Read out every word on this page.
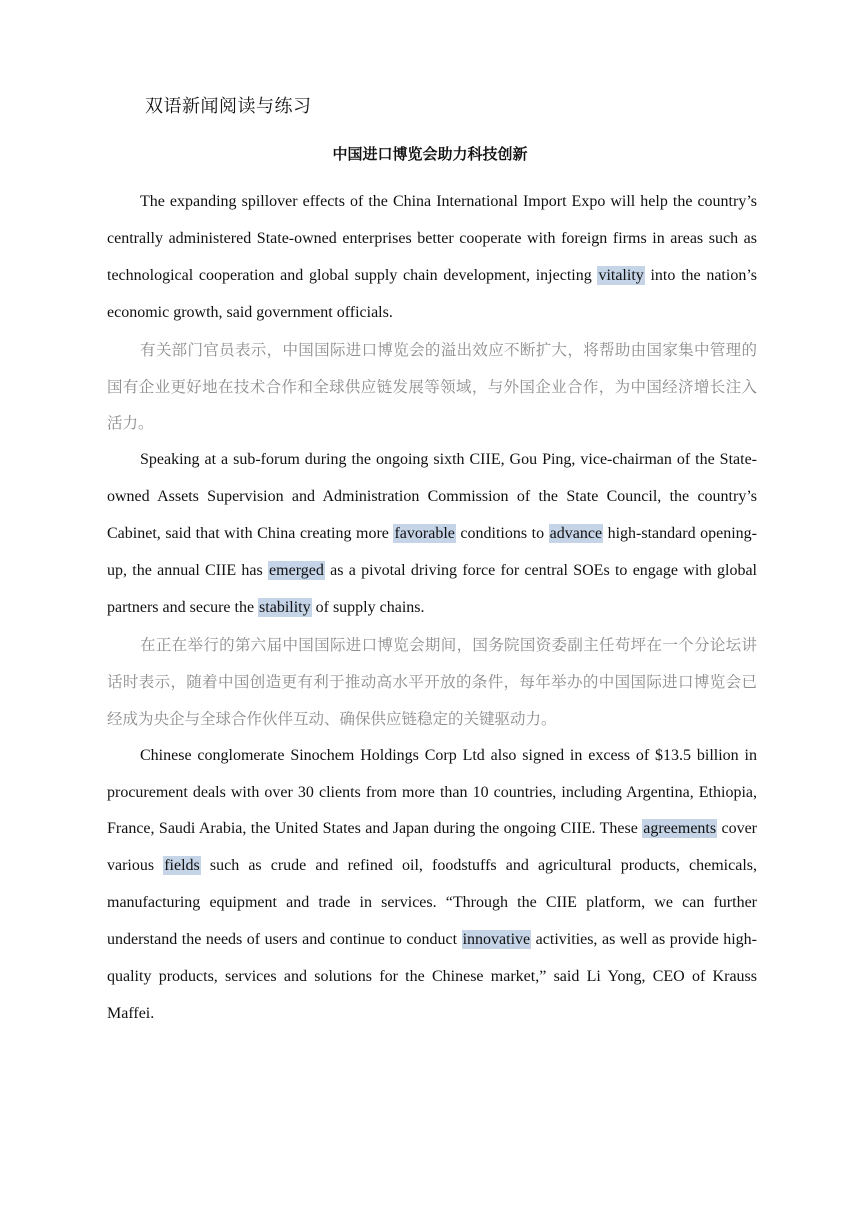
双语新闻阅读与练习
中国进口博览会助力科技创新

The expanding spillover effects of the China International Import Expo will help the country’s centrally administered State-owned enterprises better cooperate with foreign firms in areas such as technological cooperation and global supply chain development, injecting vitality into the nation’s economic growth, said government officials.

有关部门官员表示，中国国际进口博览会的溢出效应不断扩大，将帮助由国家集中管理的国有企业更好地在技术合作和全球供应链发展等领域，与外国企业合作，为中国经济增长注入活力。

Speaking at a sub-forum during the ongoing sixth CIIE, Gou Ping, vice-chairman of the State-owned Assets Supervision and Administration Commission of the State Council, the country’s Cabinet, said that with China creating more favorable conditions to advance high-standard opening-up, the annual CIIE has emerged as a pivotal driving force for central SOEs to engage with global partners and secure the stability of supply chains.

在正在举行的第六届中国国际进口博览会期间，国务院国资委副主任苟坪在一个分论坛讲话时表示，随着中国创造更有利于推动高水平开放的条件，每年举办的中国国际进口博览会已经成为央企与全球合作伙伴互动、确保供应链稳定的关键驱动力。

Chinese conglomerate Sinochem Holdings Corp Ltd also signed in excess of $13.5 billion in procurement deals with over 30 clients from more than 10 countries, including Argentina, Ethiopia, France, Saudi Arabia, the United States and Japan during the ongoing CIIE. These agreements cover various fields such as crude and refined oil, foodstuffs and agricultural products, chemicals, manufacturing equipment and trade in services. “Through the CIIE platform, we can further understand the needs of users and continue to conduct innovative activities, as well as provide high-quality products, services and solutions for the Chinese market,” said Li Yong, CEO of Krauss Maffei.
